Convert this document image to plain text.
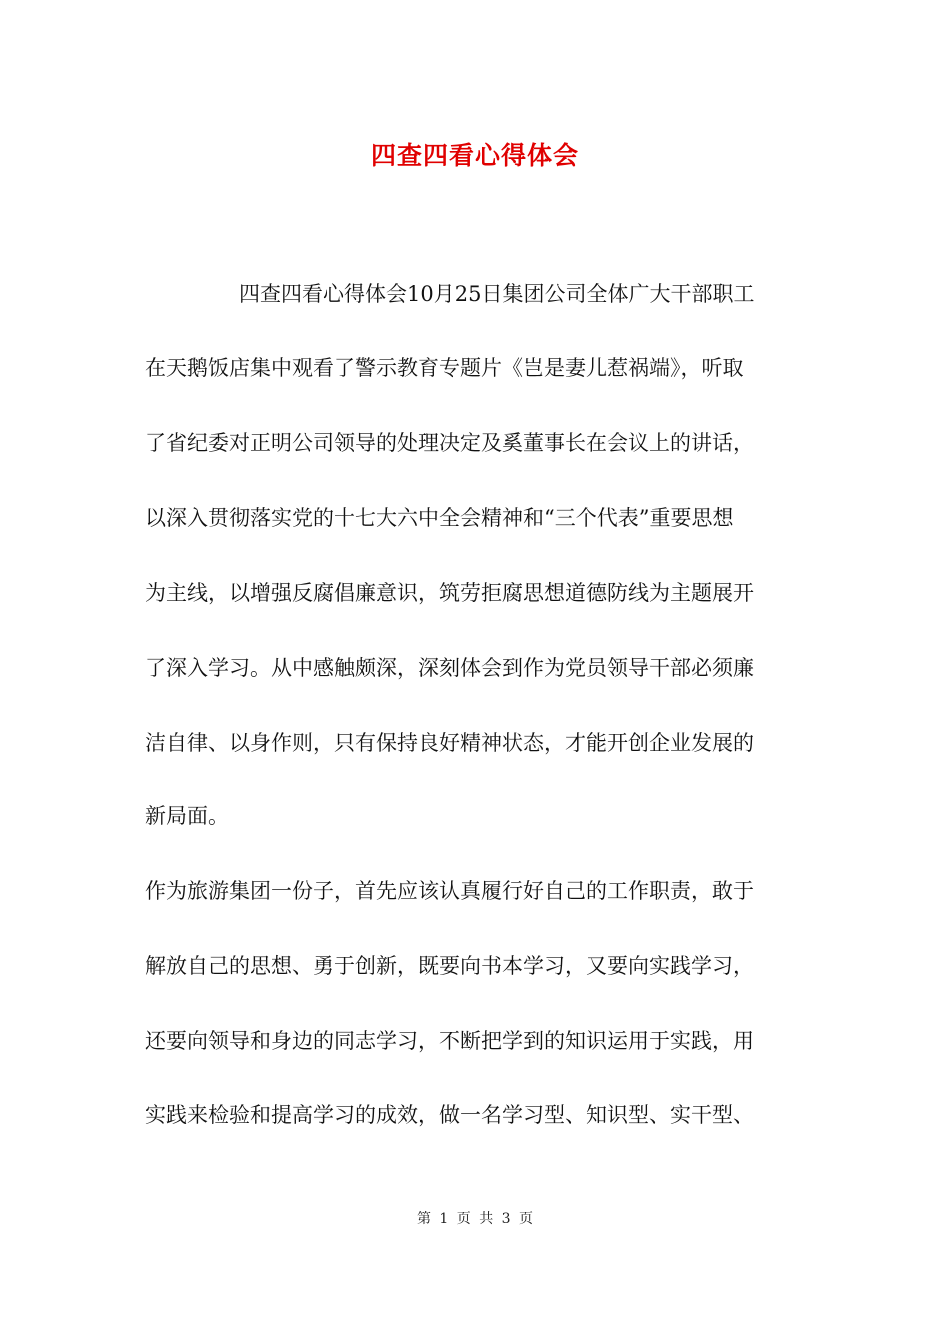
四查四看心得体会
四查四看心得体会10月25日集团公司全体广大干部职工
在天鹅饭店集中观看了警示教育专题片《岂是妻儿惹祸端》，听取
了省纪委对正明公司领导的处理决定及奚董事长在会议上的讲话，
以深入贯彻落实党的十七大六中全会精神和“三个代表”重要思想
为主线，以增强反腐倡廉意识，筑劳拒腐思想道德防线为主题展开
了深入学习。从中感触颇深，深刻体会到作为党员领导干部必须廉
洁自律、以身作则，只有保持良好精神状态，才能开创企业发展的
新局面。
作为旅游集团一份子，首先应该认真履行好自己的工作职责，敢于
解放自己的思想、勇于创新，既要向书本学习，又要向实践学习，
还要向领导和身边的同志学习，不断把学到的知识运用于实践，用
实践来检验和提高学习的成效，做一名学习型、知识型、实干型、
第 1 页 共 3 页
